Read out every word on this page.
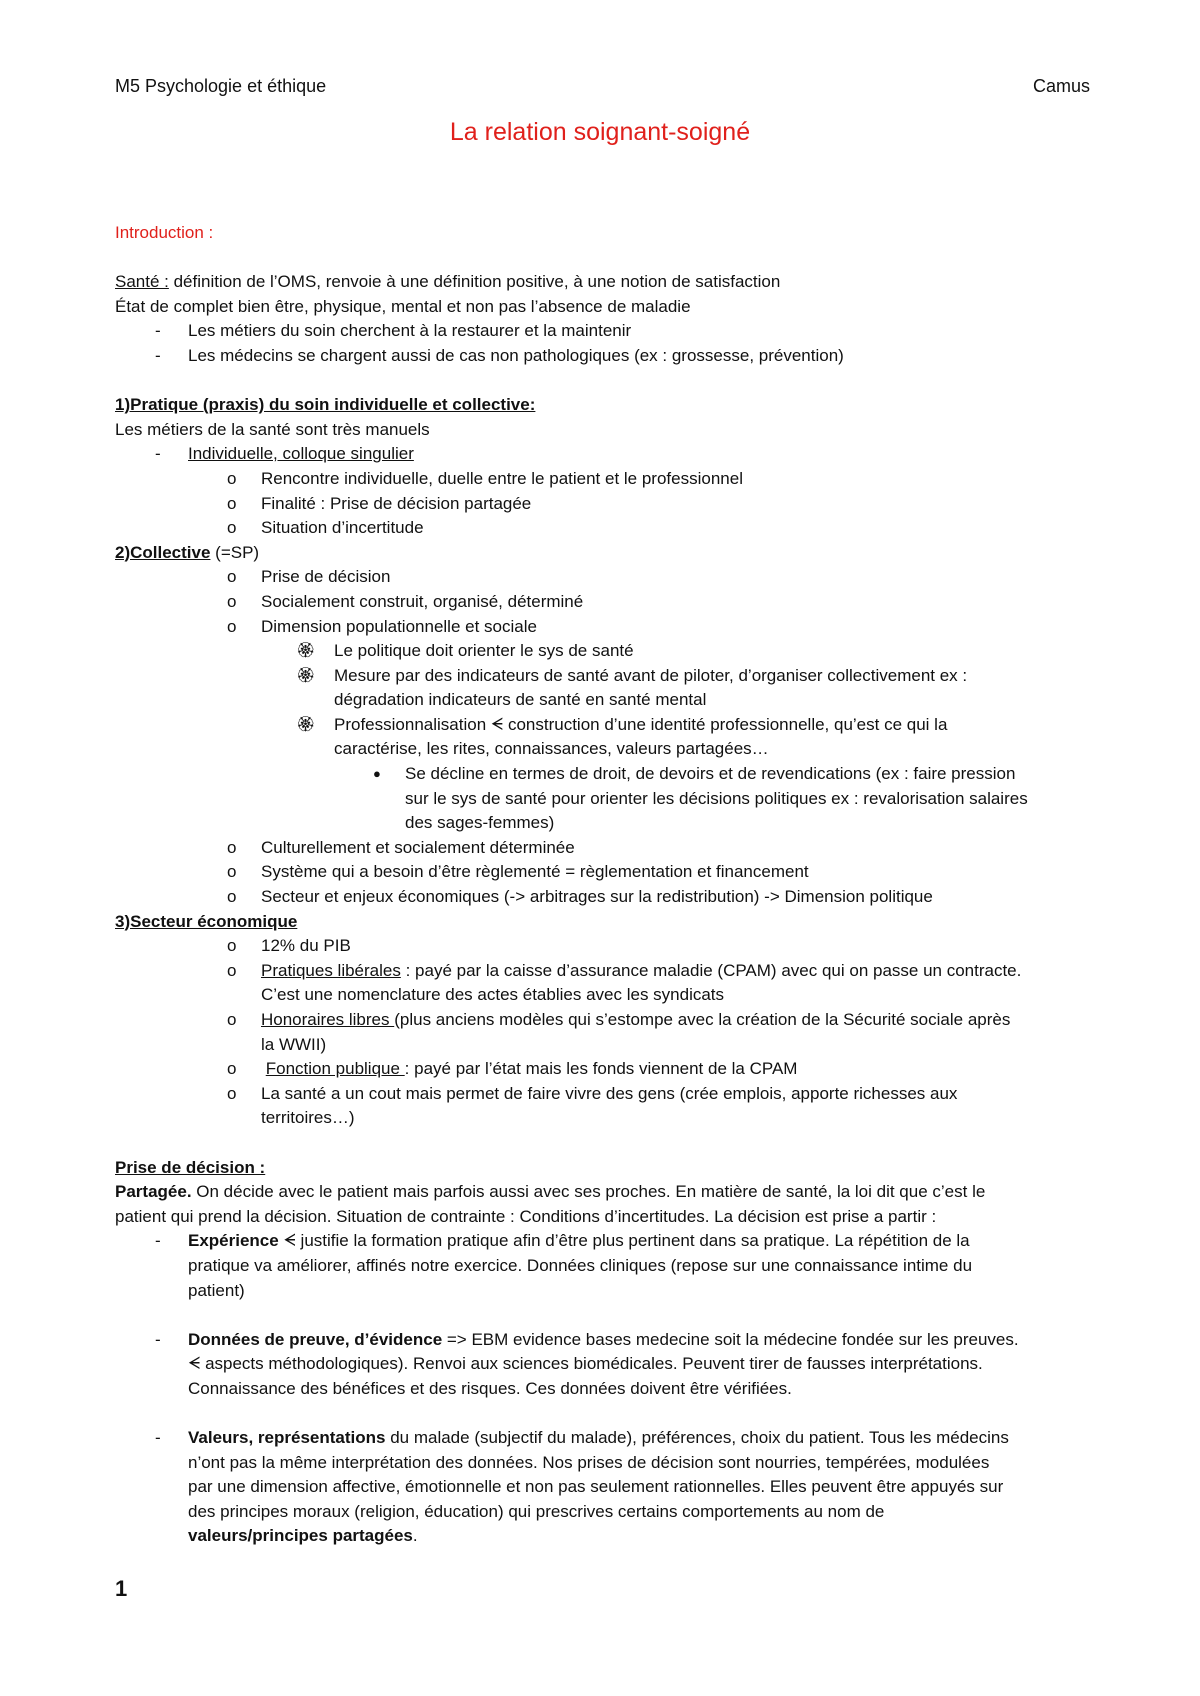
M5 Psychologie et éthique	Camus
La relation soignant-soigné
Introduction :
Santé : définition de l’OMS, renvoie à une définition positive, à une notion de satisfaction
État de complet bien être, physique, mental et non pas l’absence de maladie
- Les métiers du soin cherchent à la restaurer et la maintenir
- Les médecins se chargent aussi de cas non pathologiques (ex : grossesse, prévention)
1)Pratique (praxis) du soin individuelle et collective:
Les métiers de la santé sont très manuels
- Individuelle, colloque singulier
o Rencontre individuelle, duelle entre le patient et le professionnel
o Finalité : Prise de décision partagée
o Situation d’incertitude
2)Collective (=SP)
o Prise de décision
o Socialement construit, organisé, déterminé
o Dimension populationnelle et sociale
🏵 Le politique doit orienter le sys de santé
🏵 Mesure par des indicateurs de santé avant de piloter, d’organiser collectivement ex :
dégradation indicateurs de santé en santé mental
🏵 Professionnalisation ᗕ construction d’une identité professionnelle, qu’est ce qui la
caractérise, les rites, connaissances, valeurs partagées…
● Se décline en termes de droit, de devoirs et de revendications (ex : faire pression
sur le sys de santé pour orienter les décisions politiques ex : revalorisation salaires
des sages-femmes)
o Culturellement et socialement déterminée
o Système qui a besoin d’être règlementé = règlementation et financement
o Secteur et enjeux économiques (-> arbitrages sur la redistribution) -> Dimension politique
3)Secteur économique
o 12% du PIB
o Pratiques libérales : payé par la caisse d’assurance maladie (CPAM) avec qui on passe un contracte.
C’est une nomenclature des actes établies avec les syndicats
o Honoraires libres (plus anciens modèles qui s’estompe avec la création de la Sécurité sociale après
la WWII)
o Fonction publique : payé par l’état mais les fonds viennent de la CPAM
o La santé a un cout mais permet de faire vivre des gens (crée emplois, apporte richesses aux
territoires…)
Prise de décision :
Partagée. On décide avec le patient mais parfois aussi avec ses proches. En matière de santé, la loi dit que c’est le
patient qui prend la décision. Situation de contrainte : Conditions d’incertitudes. La décision est prise a partir :
- Expérience ᗕ justifie la formation pratique afin d’être plus pertinent dans sa pratique. La répétition de la
pratique va améliorer, affinés notre exercice. Données cliniques (repose sur une connaissance intime du
patient)
- Données de preuve, d’évidence => EBM evidence bases medecine soit la médecine fondée sur les preuves.
ᗕ aspects méthodologiques). Renvoi aux sciences biomédicales. Peuvent tirer de fausses interprétations.
Connaissance des bénéfices et des risques. Ces données doivent être vérifiées.
- Valeurs, représentations du malade (subjectif du malade), préférences, choix du patient. Tous les médecins
n’ont pas la même interprétation des données. Nos prises de décision sont nourries, tempérées, modulées
par une dimension affective, émotionnelle et non pas seulement rationnelles. Elles peuvent être appuyés sur
des principes moraux (religion, éducation) qui prescrives certains comportements au nom de
valeurs/principes partagées.
1
